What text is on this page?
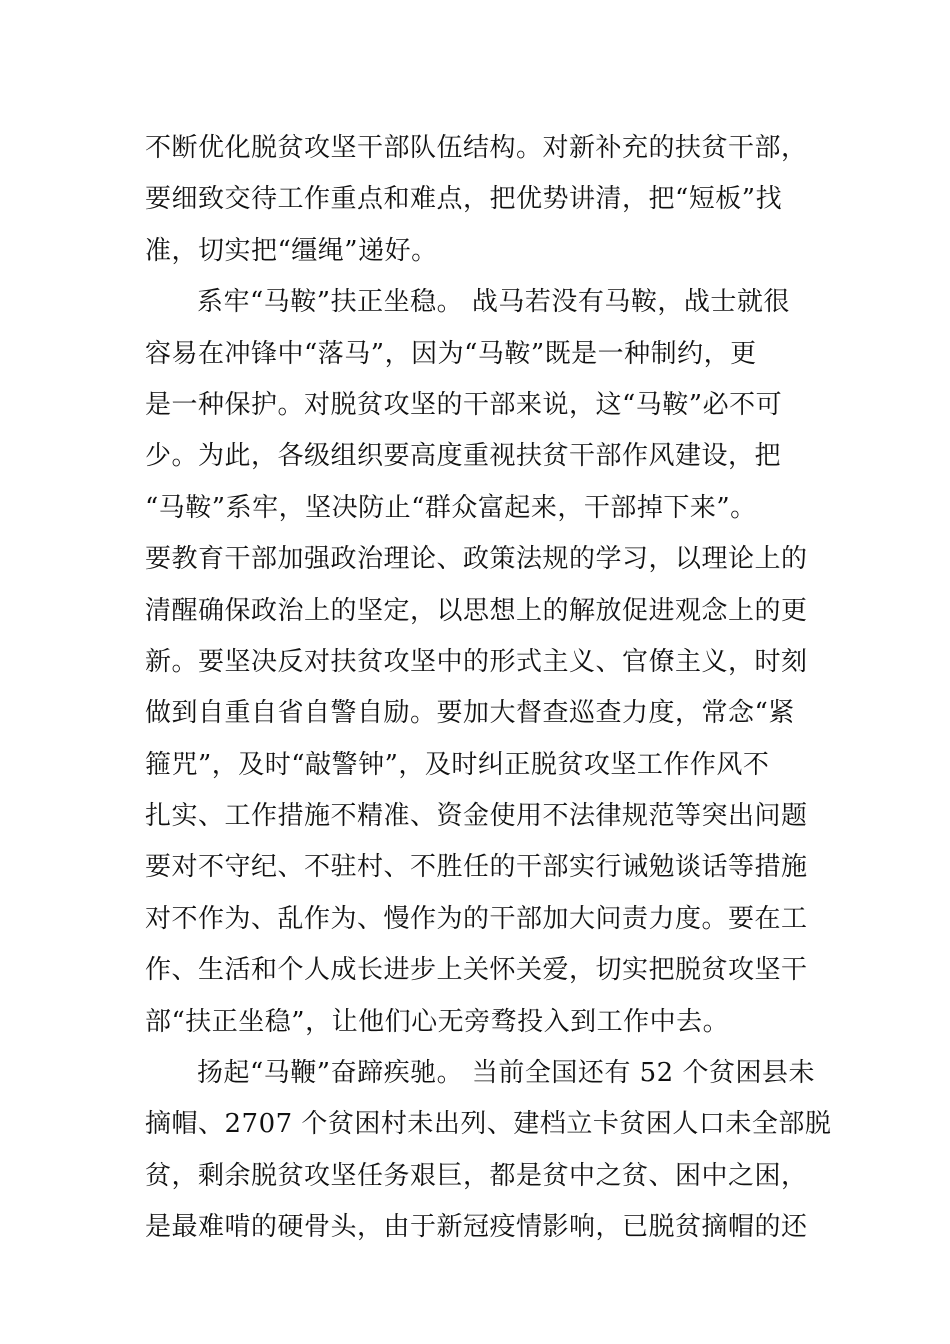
不断优化脱贫攻坚干部队伍结构。对新补充的扶贫干部，
要细致交待工作重点和难点，把优势讲清，把“短板”找
准，切实把“缰绳”递好。
系牢“马鞍”扶正坐稳。 战马若没有马鞍，战士就很
容易在冲锋中“落马”，因为“马鞍”既是一种制约，更
是一种保护。对脱贫攻坚的干部来说，这“马鞍”必不可
少。为此，各级组织要高度重视扶贫干部作风建设，把
“马鞍”系牢，坚决防止“群众富起来，干部掉下来”。
要教育干部加强政治理论、政策法规的学习，以理论上的
清醒确保政治上的坚定，以思想上的解放促进观念上的更
新。要坚决反对扶贫攻坚中的形式主义、官僚主义，时刻
做到自重自省自警自励。要加大督查巡查力度，常念“紧
箍咒”，及时“敲警钟”，及时纠正脱贫攻坚工作作风不
扎实、工作措施不精准、资金使用不法律规范等突出问题
要对不守纪、不驻村、不胜任的干部实行诫勉谈话等措施
对不作为、乱作为、慢作为的干部加大问责力度。要在工
作、生活和个人成长进步上关怀关爱，切实把脱贫攻坚干
部“扶正坐稳”，让他们心无旁骛投入到工作中去。
扬起“马鞭”奋蹄疾驰。 当前全国还有 52 个贫困县未
摘帽、2707 个贫困村未出列、建档立卡贫困人口未全部脱
贫，剩余脱贫攻坚任务艰巨，都是贫中之贫、困中之困，
是最难啃的硬骨头，由于新冠疫情影响，已脱贫摘帽的还
